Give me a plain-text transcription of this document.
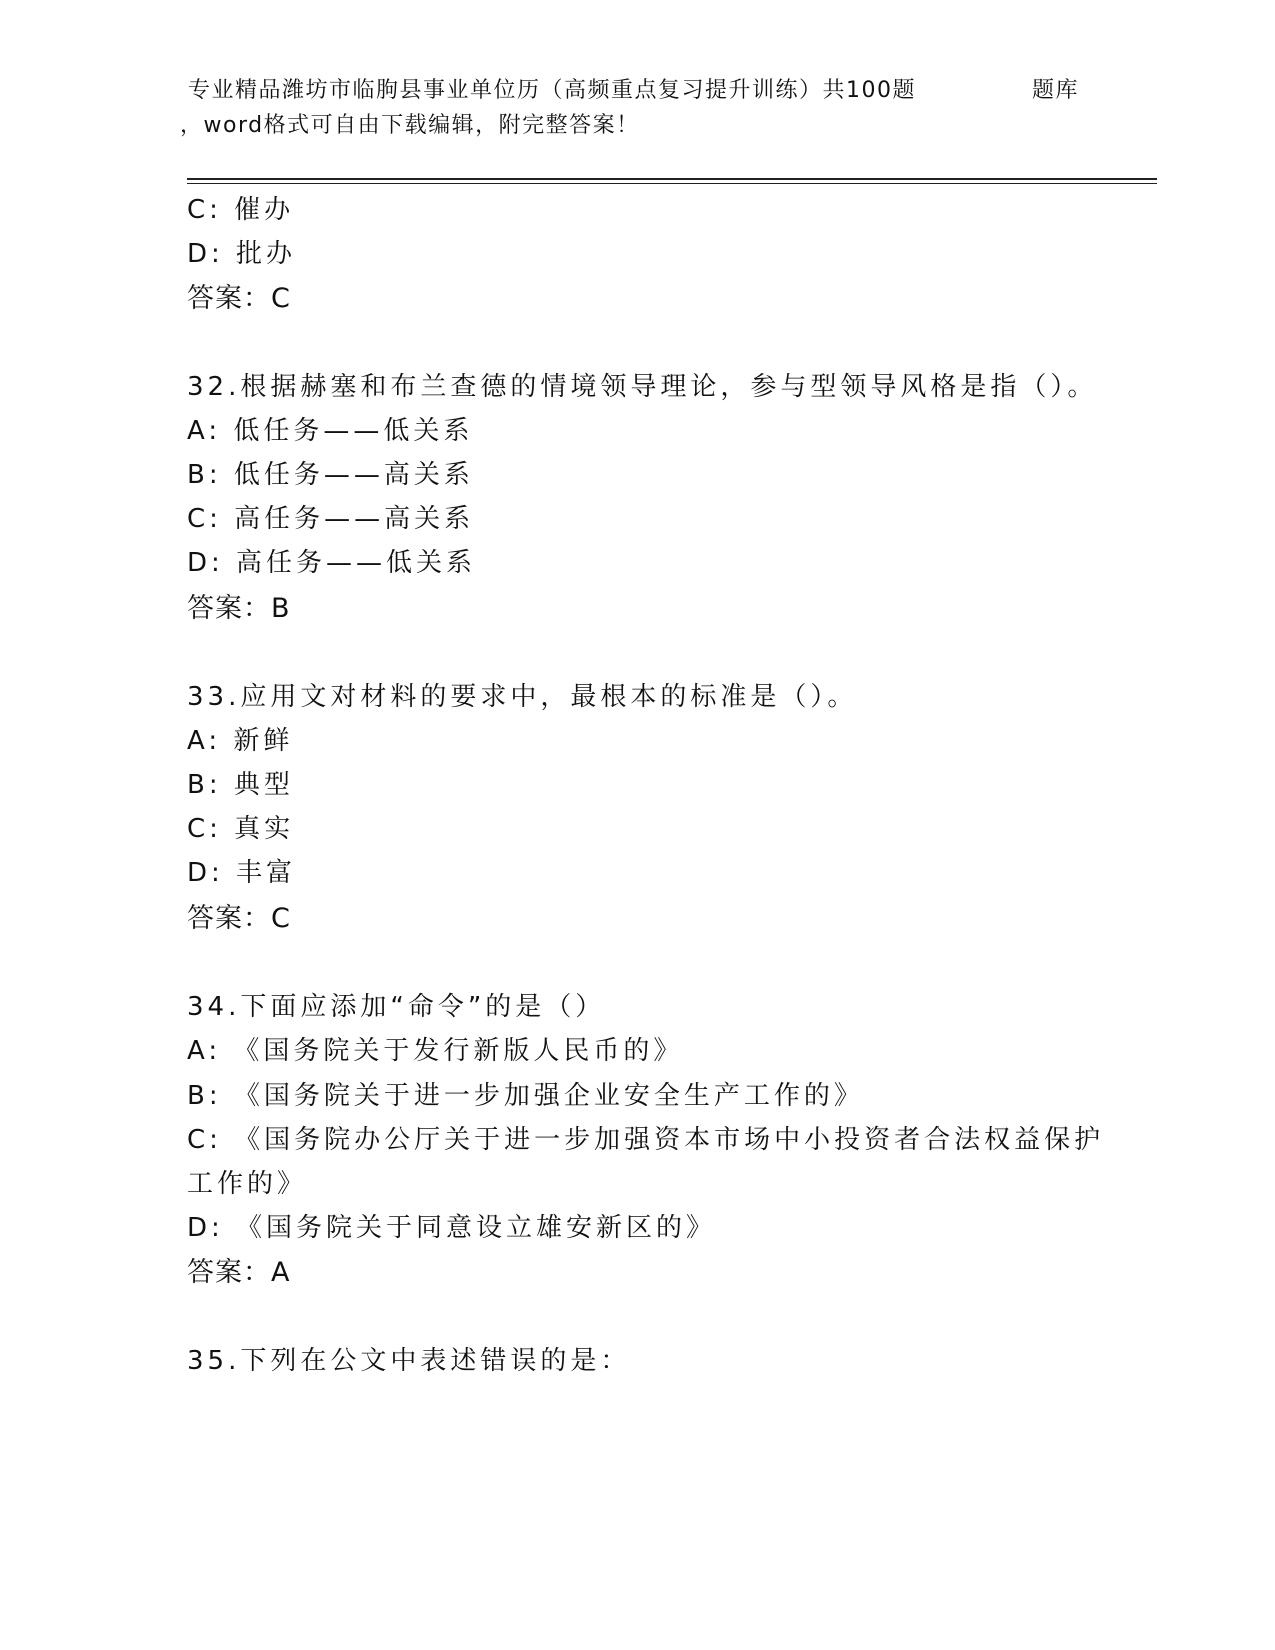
专业精品潍坊市临朐县事业单位历（高频重点复习提升训练）共100题	题库
，word格式可自由下载编辑，附完整答案！
C: 催办
D: 批办
答案：C
32.根据赫塞和布兰查德的情境领导理论，参与型领导风格是指（）。
A: 低任务——低关系
B: 低任务——高关系
C: 高任务——高关系
D: 高任务——低关系
答案：B
33.应用文对材料的要求中，最根本的标准是（）。
A: 新鲜
B: 典型
C: 真实
D: 丰富
答案：C
34.下面应添加“命令”的是（）
A: 《国务院关于发行新版人民币的》
B: 《国务院关于进一步加强企业安全生产工作的》
C: 《国务院办公厅关于进一步加强资本市场中小投资者合法权益保护
工作的》
D: 《国务院关于同意设立雄安新区的》
答案：A
35.下列在公文中表述错误的是：
